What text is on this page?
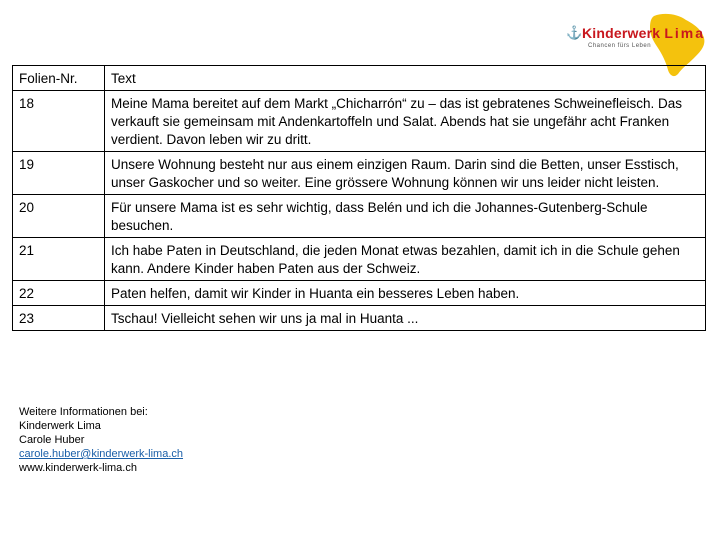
⚓ Kinderwerk Lima
Chancen fürs Leben
Folien-Nr.	Text
18	Meine Mama bereitet auf dem Markt „Chicharrón“ zu – das ist gebratenes Schweinefleisch. Das verkauft sie gemeinsam mit Andenkartoffeln und Salat. Abends hat sie ungefähr acht Franken verdient. Davon leben wir zu dritt.
19	Unsere Wohnung besteht nur aus einem einzigen Raum. Darin sind die Betten, unser Esstisch, unser Gaskocher und so weiter. Eine grössere Wohnung können wir uns leider nicht leisten.
20	Für unsere Mama ist es sehr wichtig, dass Belén und ich die Johannes-Gutenberg-Schule besuchen.
21	Ich habe Paten in Deutschland, die jeden Monat etwas bezahlen, damit ich in die Schule gehen kann. Andere Kinder haben Paten aus der Schweiz.
22	Paten helfen, damit wir Kinder in Huanta ein besseres Leben haben.
23	Tschau! Vielleicht sehen wir uns ja mal in Huanta ...
Weitere Informationen bei:
Kinderwerk Lima
Carole Huber
carole.huber@kinderwerk-lima.ch
www.kinderwerk-lima.ch
